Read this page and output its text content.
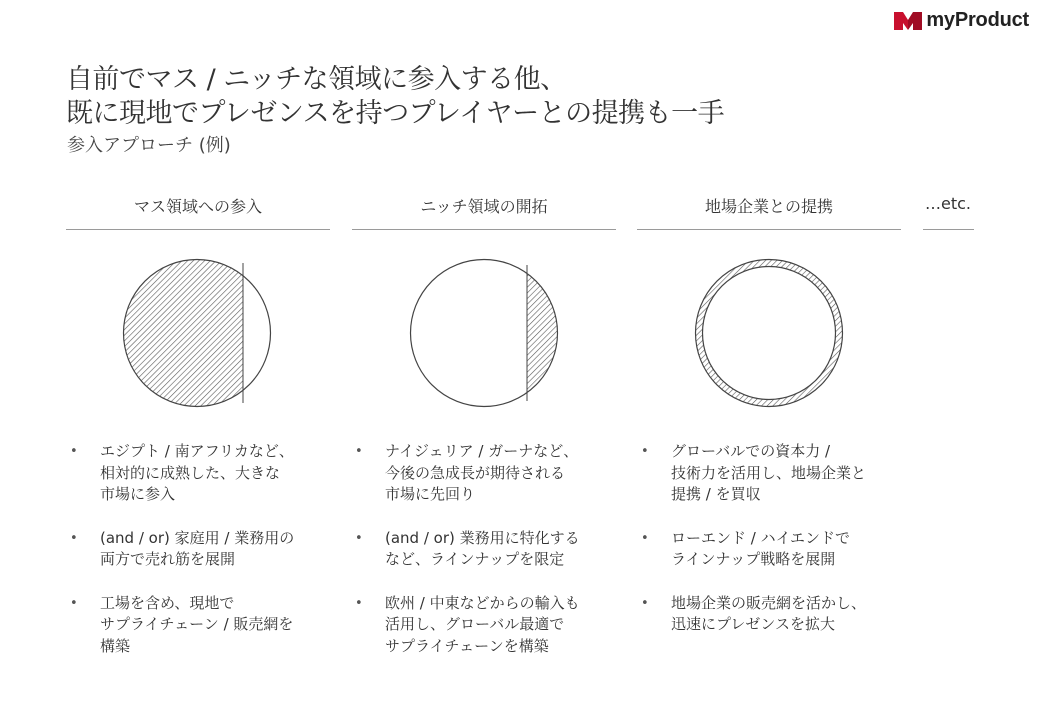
myProduct
自前でマス / ニッチな領域に参入する他、
既に現地でプレゼンスを持つプレイヤーとの提携も一手
参入アプローチ (例)
マス領域への参入	ニッチ領域の開拓	地場企業との提携	…etc.
• エジプト / 南アフリカなど、
相対的に成熟した、大きな
市場に参入
• (and / or) 家庭用 / 業務用の
両方で売れ筋を展開
• 工場を含め、現地で
サプライチェーン / 販売網を
構築
• ナイジェリア / ガーナなど、
今後の急成長が期待される
市場に先回り
• (and / or) 業務用に特化する
など、ラインナップを限定
• 欧州 / 中東などからの輸入も
活用し、グローバル最適で
サプライチェーンを構築
• グローバルでの資本力 /
技術力を活用し、地場企業と
提携 / を買収
• ローエンド / ハイエンドで
ラインナップ戦略を展開
• 地場企業の販売網を活かし、
迅速にプレゼンスを拡大
